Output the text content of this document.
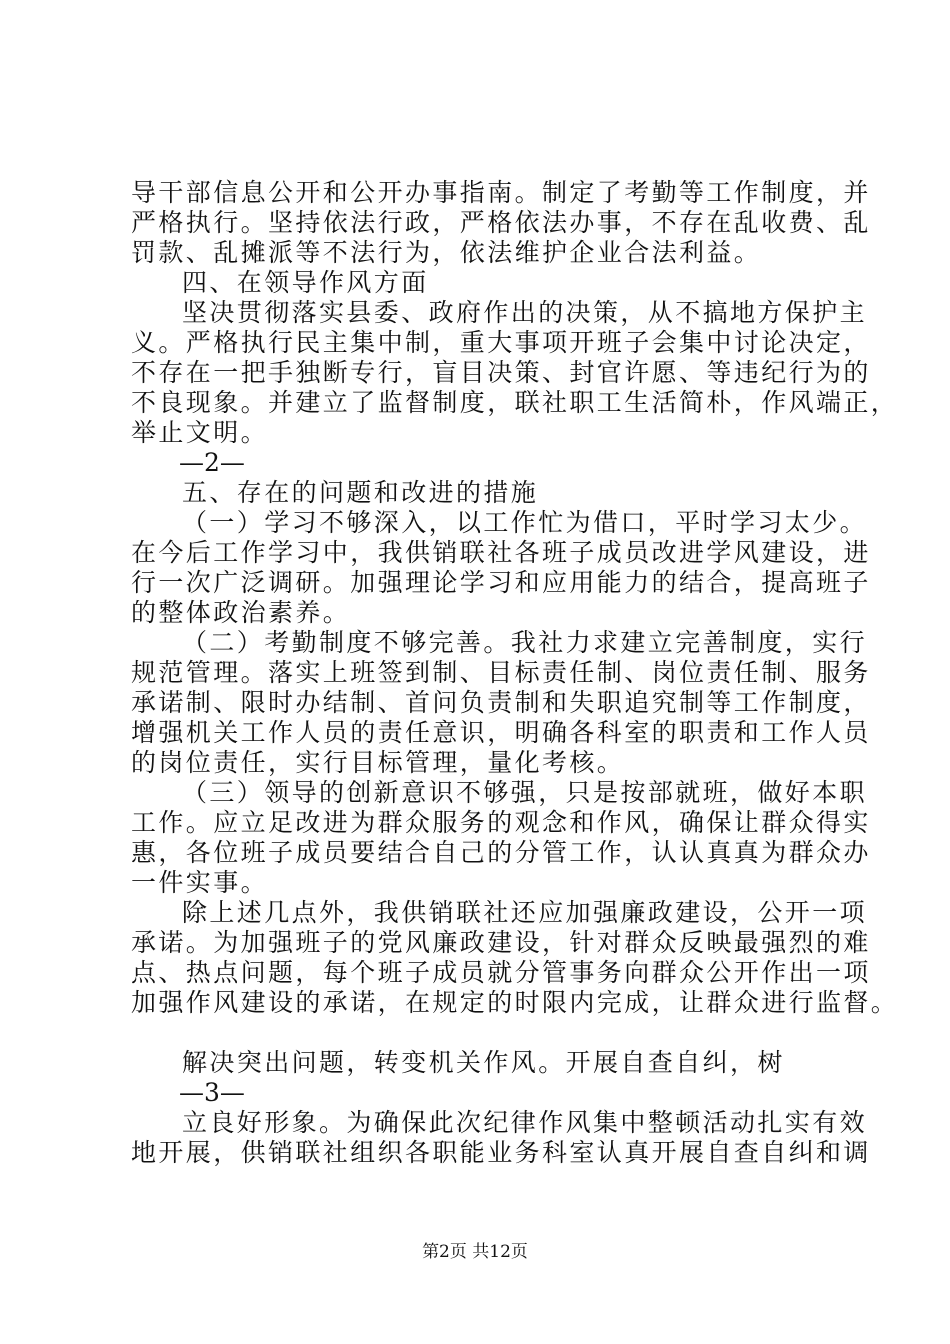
导干部信息公开和公开办事指南。制定了考勤等工作制度，并
严格执行。坚持依法行政，严格依法办事，不存在乱收费、乱
罚款、乱摊派等不法行为，依法维护企业合法利益。
四、在领导作风方面
坚决贯彻落实县委、政府作出的决策，从不搞地方保护主
义。严格执行民主集中制，重大事项开班子会集中讨论决定，
不存在一把手独断专行，盲目决策、封官许愿、等违纪行为的
不良现象。并建立了监督制度，联社职工生活简朴，作风端正，
举止文明。
—2—
五、存在的问题和改进的措施
（一）学习不够深入，以工作忙为借口，平时学习太少。
在今后工作学习中，我供销联社各班子成员改进学风建设，进
行一次广泛调研。加强理论学习和应用能力的结合，提高班子
的整体政治素养。
（二）考勤制度不够完善。我社力求建立完善制度，实行
规范管理。落实上班签到制、目标责任制、岗位责任制、服务
承诺制、限时办结制、首问负责制和失职追究制等工作制度，
增强机关工作人员的责任意识，明确各科室的职责和工作人员
的岗位责任，实行目标管理，量化考核。
（三）领导的创新意识不够强，只是按部就班，做好本职
工作。应立足改进为群众服务的观念和作风，确保让群众得实
惠，各位班子成员要结合自己的分管工作，认认真真为群众办
一件实事。
除上述几点外，我供销联社还应加强廉政建设，公开一项
承诺。为加强班子的党风廉政建设，针对群众反映最强烈的难
点、热点问题，每个班子成员就分管事务向群众公开作出一项
加强作风建设的承诺，在规定的时限内完成，让群众进行监督。
解决突出问题，转变机关作风。开展自查自纠，树
—3—
立良好形象。为确保此次纪律作风集中整顿活动扎实有效
地开展，供销联社组织各职能业务科室认真开展自查自纠和调
第2页 共12页
